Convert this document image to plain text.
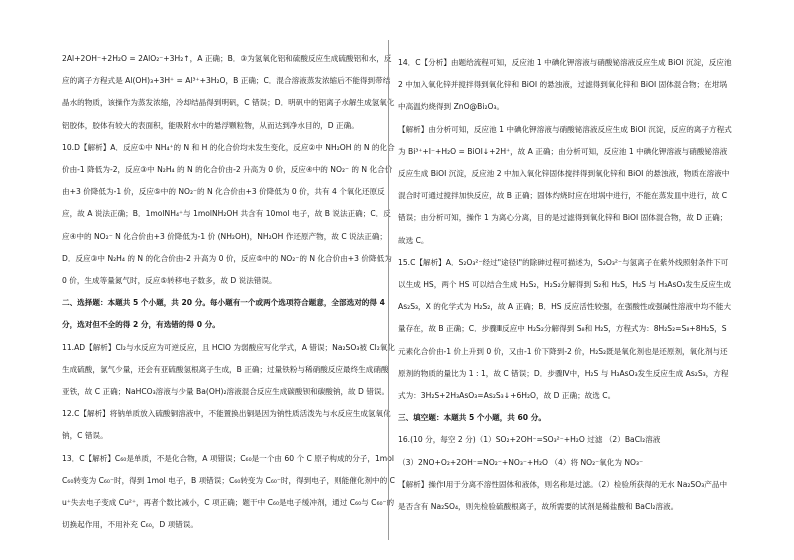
2Al+2OH⁻+2H₂O = 2AlO₂⁻+3H₂↑，A 正确；B．③为氢氧化铝和硫酸反应生成硫酸铝和水，反应的离子方程式是 Al(OH)₃+3H⁺ = Al³⁺+3H₂O，B 正确；C．混合溶液蒸发浓缩后不能得到带结晶水的物质，该操作为蒸发浓缩，冷却结晶得到明矾，C 错误；D．明矾中的铝离子水解生成氢氧化铝胶体，胶体有较大的表面积，能吸附水中的悬浮颗粒物，从而达到净水目的，D 正确。

10.D【解析】A．反应①中 NH₄⁺的 N 和 H 的化合价均未发生变化，反应②中 NH₂OH 的 N 的化合价由-1 降低为-2，反应③中 N₂H₄ 的 N 的化合价由-2 升高为 0 价，反应④中的 NO₂⁻ 的 N 化合价由+3 价降低为-1 价，反应⑤中的 NO₂⁻的 N 化合价由+3 价降低为 0 价，共有 4 个氧化还原反应，故 A 说法正确；B．1molNH₄⁺与 1molNH₂OH 共含有 10mol 电子，故 B 说法正确；C．反应④中的 NO₂⁻ N 化合价由+3 价降低为-1 价 (NH₂OH)，NH₂OH 作还原产物，故 C 说法正确；D．反应③中 N₂H₄ 的 N 的化合价由-2 升高为 0 价，反应⑤中的 NO₂⁻的 N 化合价由+3 价降低为 0 价，生成等量氮气时，反应⑤转移电子数多，故 D 说法错误。

二、选择题：本题共 5 个小题，共 20 分。每小题有一个或两个选项符合题意，全部选对的得 4 分，选对但不全的得 2 分，有选错的得 0 分。

11.AD【解析】Cl₂与水反应为可逆反应，且 HClO 为弱酸应写化学式，A 错误；Na₂SO₃被 Cl₂氧化生成硫酸，氯气少量，还会有亚硫酸氢根离子生成，B 正确；过量铁粉与稀硝酸反应最终生成硝酸亚铁，故 C 正确；NaHCO₃溶液与少量 Ba(OH)₂溶液混合反应生成碳酸钡和碳酸钠，故 D 错误。

12.C【解析】将钠单质放入硫酸铜溶液中，不能置换出铜是因为钠性质活泼先与水反应生成氢氧化钠，C 错误。

13．C【解析】C₆₀是单质，不是化合物，A 项错误；C₆₀是一个由 60 个 C 原子构成的分子，1molC₆₀转变为 C₆₀⁻时，得到 1mol 电子，B 项错误；C₆₀转变为 C₆₀⁻时，得到电子，则能催化剂中的 Cu⁺失去电子变成 Cu²⁺，再者个数比减小，C 项正确；题干中 C₆₀是电子缓冲剂，通过 C₆₀与 C₆₀⁻的切换起作用，不用补充 C₆₀，D 项错误。

14．C【分析】由题给流程可知，反应池 1 中碘化钾溶液与硝酸铋溶液反应生成 BiOI 沉淀，反应池 2 中加入氧化锌并搅拌得到氧化锌和 BiOI 的悬浊液，过滤得到氧化锌和 BiOI 固体混合物；在坩埚中高温灼烧得到 ZnO@Bi₂O₃。

【解析】由分析可知，反应池 1 中碘化钾溶液与硝酸铋溶液反应生成 BiOI 沉淀，反应的离子方程式为 Bi³⁺+I⁻+H₂O = BiOI↓+2H⁺，故 A 正确；由分析可知，反应池 1 中碘化钾溶液与硝酸铋溶液反应生成 BiOI 沉淀，反应池 2 中加入氧化锌固体搅拌得到氧化锌和 BiOI 的悬浊液，物质在溶液中混合时可通过搅拌加快反应，故 B 正确；固体灼烧时应在坩埚中进行，不能在蒸发皿中进行，故 C 错误；由分析可知，操作 1 为离心分离，目的是过滤得到氧化锌和 BiOI 固体混合物，故 D 正确；故选 C。

15.C【解析】A．S₂O₃²⁻经过"途径Ⅰ"的除砷过程可描述为，S₂O₃²⁻与氢离子在紫外线照射条件下可以生成 HS，两个 HS 可以结合生成 H₂S₂，H₂S₂分解得到 S₂和 H₂S，H₂S 与 H₃AsO₃发生反应生成 As₂S₃，X 的化学式为 H₂S₂，故 A 正确；B．HS 反应活性较强，在强酸性或强碱性溶液中均不能大量存在，故 B 正确；C．步骤Ⅲ反应中 H₂S₂分解得到 S₈和 H₂S，方程式为：8H₂S₂=S₈+8H₂S，S 元素化合价由-1 价上升到 0 价，又由-1 价下降到-2 价，H₂S₂既是氧化剂也是还原剂，氧化剂与还原剂的物质的量比为 1 : 1，故 C 错误；D．步骤Ⅳ中，H₂S 与 H₃AsO₃发生反应生成 As₂S₃，方程式为：3H₂S+2H₃AsO₃=As₂S₃↓+6H₂O，故 D 正确；故选 C。

三、填空题：本题共 5 个小题，共 60 分。

16.(10 分，每空 2 分)（1）SO₂+2OH⁻=SO₃²⁻+H₂O 过滤 （2）BaCl₂溶液

（3）2NO+O₂+2OH⁻=NO₂⁻+NO₃⁻+H₂O （4）将 NO₂⁻氧化为 NO₃⁻

【解析】操作Ⅰ用于分离不溶性固体和液体，则名称是过滤。（2）检验所获得的无水 Na₂SO₃产品中是否含有 Na₂SO₄，则先检验硫酸根离子，故所需要的试剂是稀盐酸和 BaCl₂溶液。
